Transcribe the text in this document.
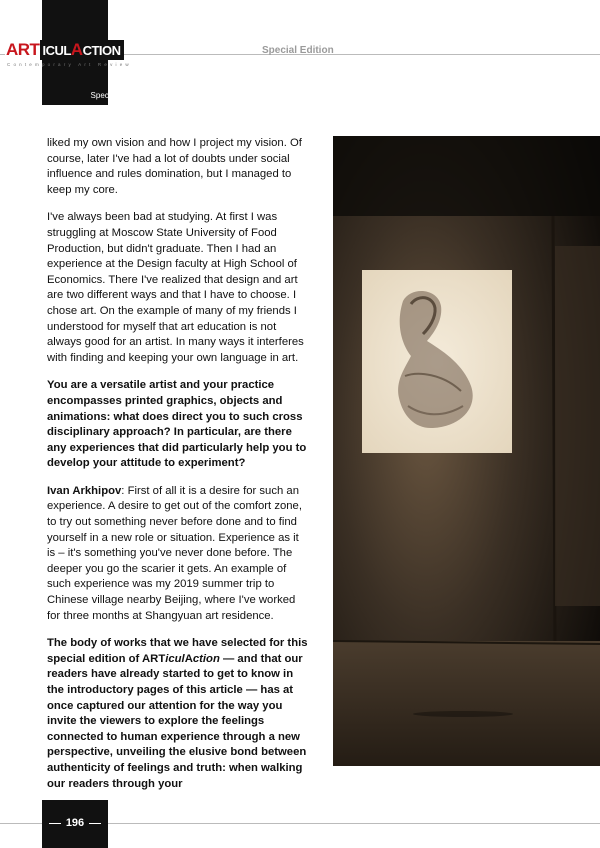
Special Edition
ART ICULACTION
Contemporary Art Review
Special Edition

liked my own vision and how I project my vision. Of course, later I've had a lot of doubts under social influence and rules domination, but I managed to keep my core.

I've always been bad at studying. At first I was struggling at Moscow State University of Food Production, but didn't graduate. Then I had an experience at the Design faculty at High School of Economics. There I've realized that design and art are two different ways and that I have to choose. I chose art. On the example of many of my friends I understood for myself that art education is not always good for an artist. In many ways it interferes with finding and keeping your own language in art.

You are a versatile artist and your practice encompasses printed graphics, objects and animations: what does direct you to such cross disciplinary approach? In particular, are there any experiences that did particularly help you to develop your attitude to experiment?

Ivan Arkhipov: First of all it is a desire for such an experience. A desire to get out of the comfort zone, to try out something never before done and to find yourself in a new role or situation. Experience as it is – it's something you've never done before. The deeper you go the scarier it gets. An example of such experience was my 2019 summer trip to Chinese village nearby Beijing, where I've worked for three months at Shangyuan art residence.

The body of works that we have selected for this special edition of ARTiculAction — and that our readers have already started to get to know in the introductory pages of this article — has at once captured our attention for the way you invite the viewers to explore the feelings connected to human experience through a new perspective, unveiling the elusive bond between authenticity of feelings and truth: when walking our readers through your

196
